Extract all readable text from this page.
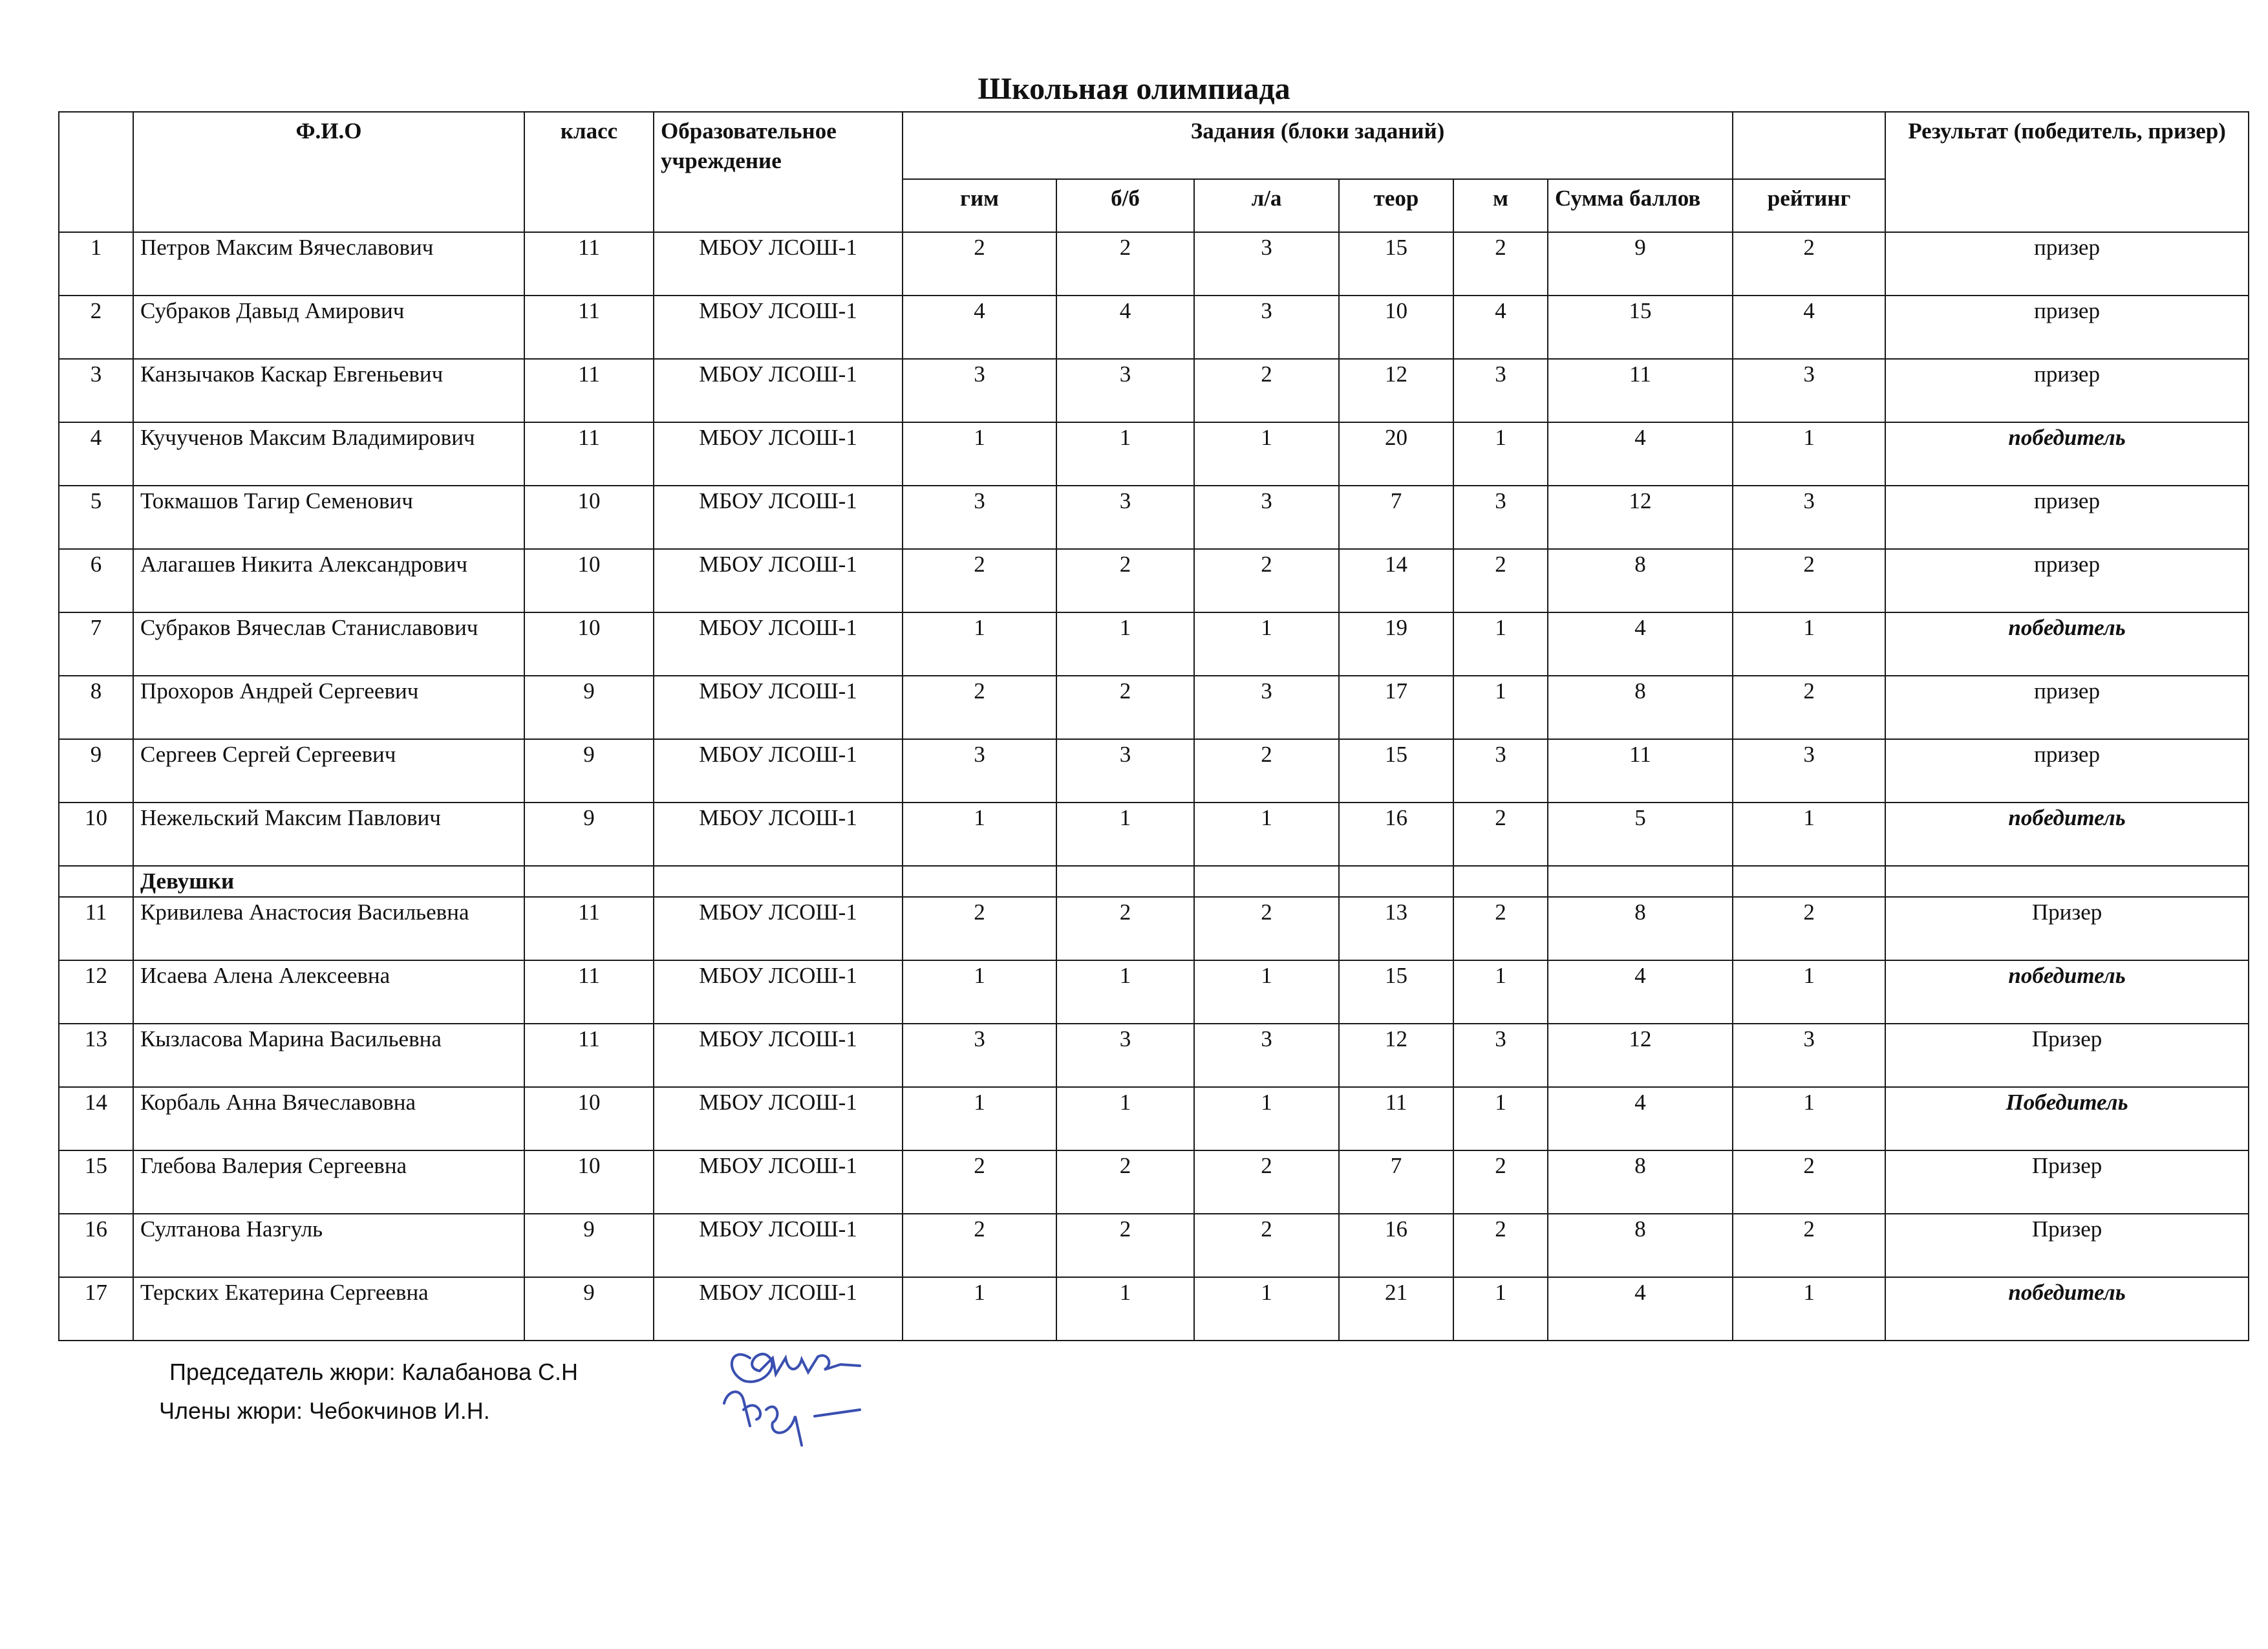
Школьная олимпиада
	Ф.И.О	класс	Образовательное учреждение	Задания (блоки заданий)							Результат (победитель, призер)
				гим	б/б	л/а	теор	м	Сумма баллов	рейтинг	
1	Петров Максим Вячеславович	11	МБОУ ЛСОШ-1	2	2	3	15	2	9	2	призер
2	Субраков Давыд Амирович	11	МБОУ ЛСОШ-1	4	4	3	10	4	15	4	призер
3	Канзычаков Каскар Евгеньевич	11	МБОУ ЛСОШ-1	3	3	2	12	3	11	3	призер
4	Кучученов Максим Владимирович	11	МБОУ ЛСОШ-1	1	1	1	20	1	4	1	победитель
5	Токмашов Тагир Семенович	10	МБОУ ЛСОШ-1	3	3	3	7	3	12	3	призер
6	Алагашев Никита Александрович	10	МБОУ ЛСОШ-1	2	2	2	14	2	8	2	призер
7	Субраков Вячеслав Станиславович	10	МБОУ ЛСОШ-1	1	1	1	19	1	4	1	победитель
8	Прохоров Андрей Сергеевич	9	МБОУ ЛСОШ-1	2	2	3	17	1	8	2	призер
9	Сергеев Сергей Сергеевич	9	МБОУ ЛСОШ-1	3	3	2	15	3	11	3	призер
10	Нежельский Максим Павлович	9	МБОУ ЛСОШ-1	1	1	1	16	2	5	1	победитель
	Девушки										
11	Кривилева Анастосия Васильевна	11	МБОУ ЛСОШ-1	2	2	2	13	2	8	2	Призер
12	Исаева Алена Алексеевна	11	МБОУ ЛСОШ-1	1	1	1	15	1	4	1	победитель
13	Кызласова Марина Васильевна	11	МБОУ ЛСОШ-1	3	3	3	12	3	12	3	Призер
14	Корбаль Анна Вячеславовна	10	МБОУ ЛСОШ-1	1	1	1	11	1	4	1	Победитель
15	Глебова Валерия Сергеевна	10	МБОУ ЛСОШ-1	2	2	2	7	2	8	2	Призер
16	Султанова Назгуль	9	МБОУ ЛСОШ-1	2	2	2	16	2	8	2	Призер
17	Терских Екатерина Сергеевна	9	МБОУ ЛСОШ-1	1	1	1	21	1	4	1	победитель
Председатель жюри: Калабанова С.Н
Члены жюри: Чебокчинов И.Н.
